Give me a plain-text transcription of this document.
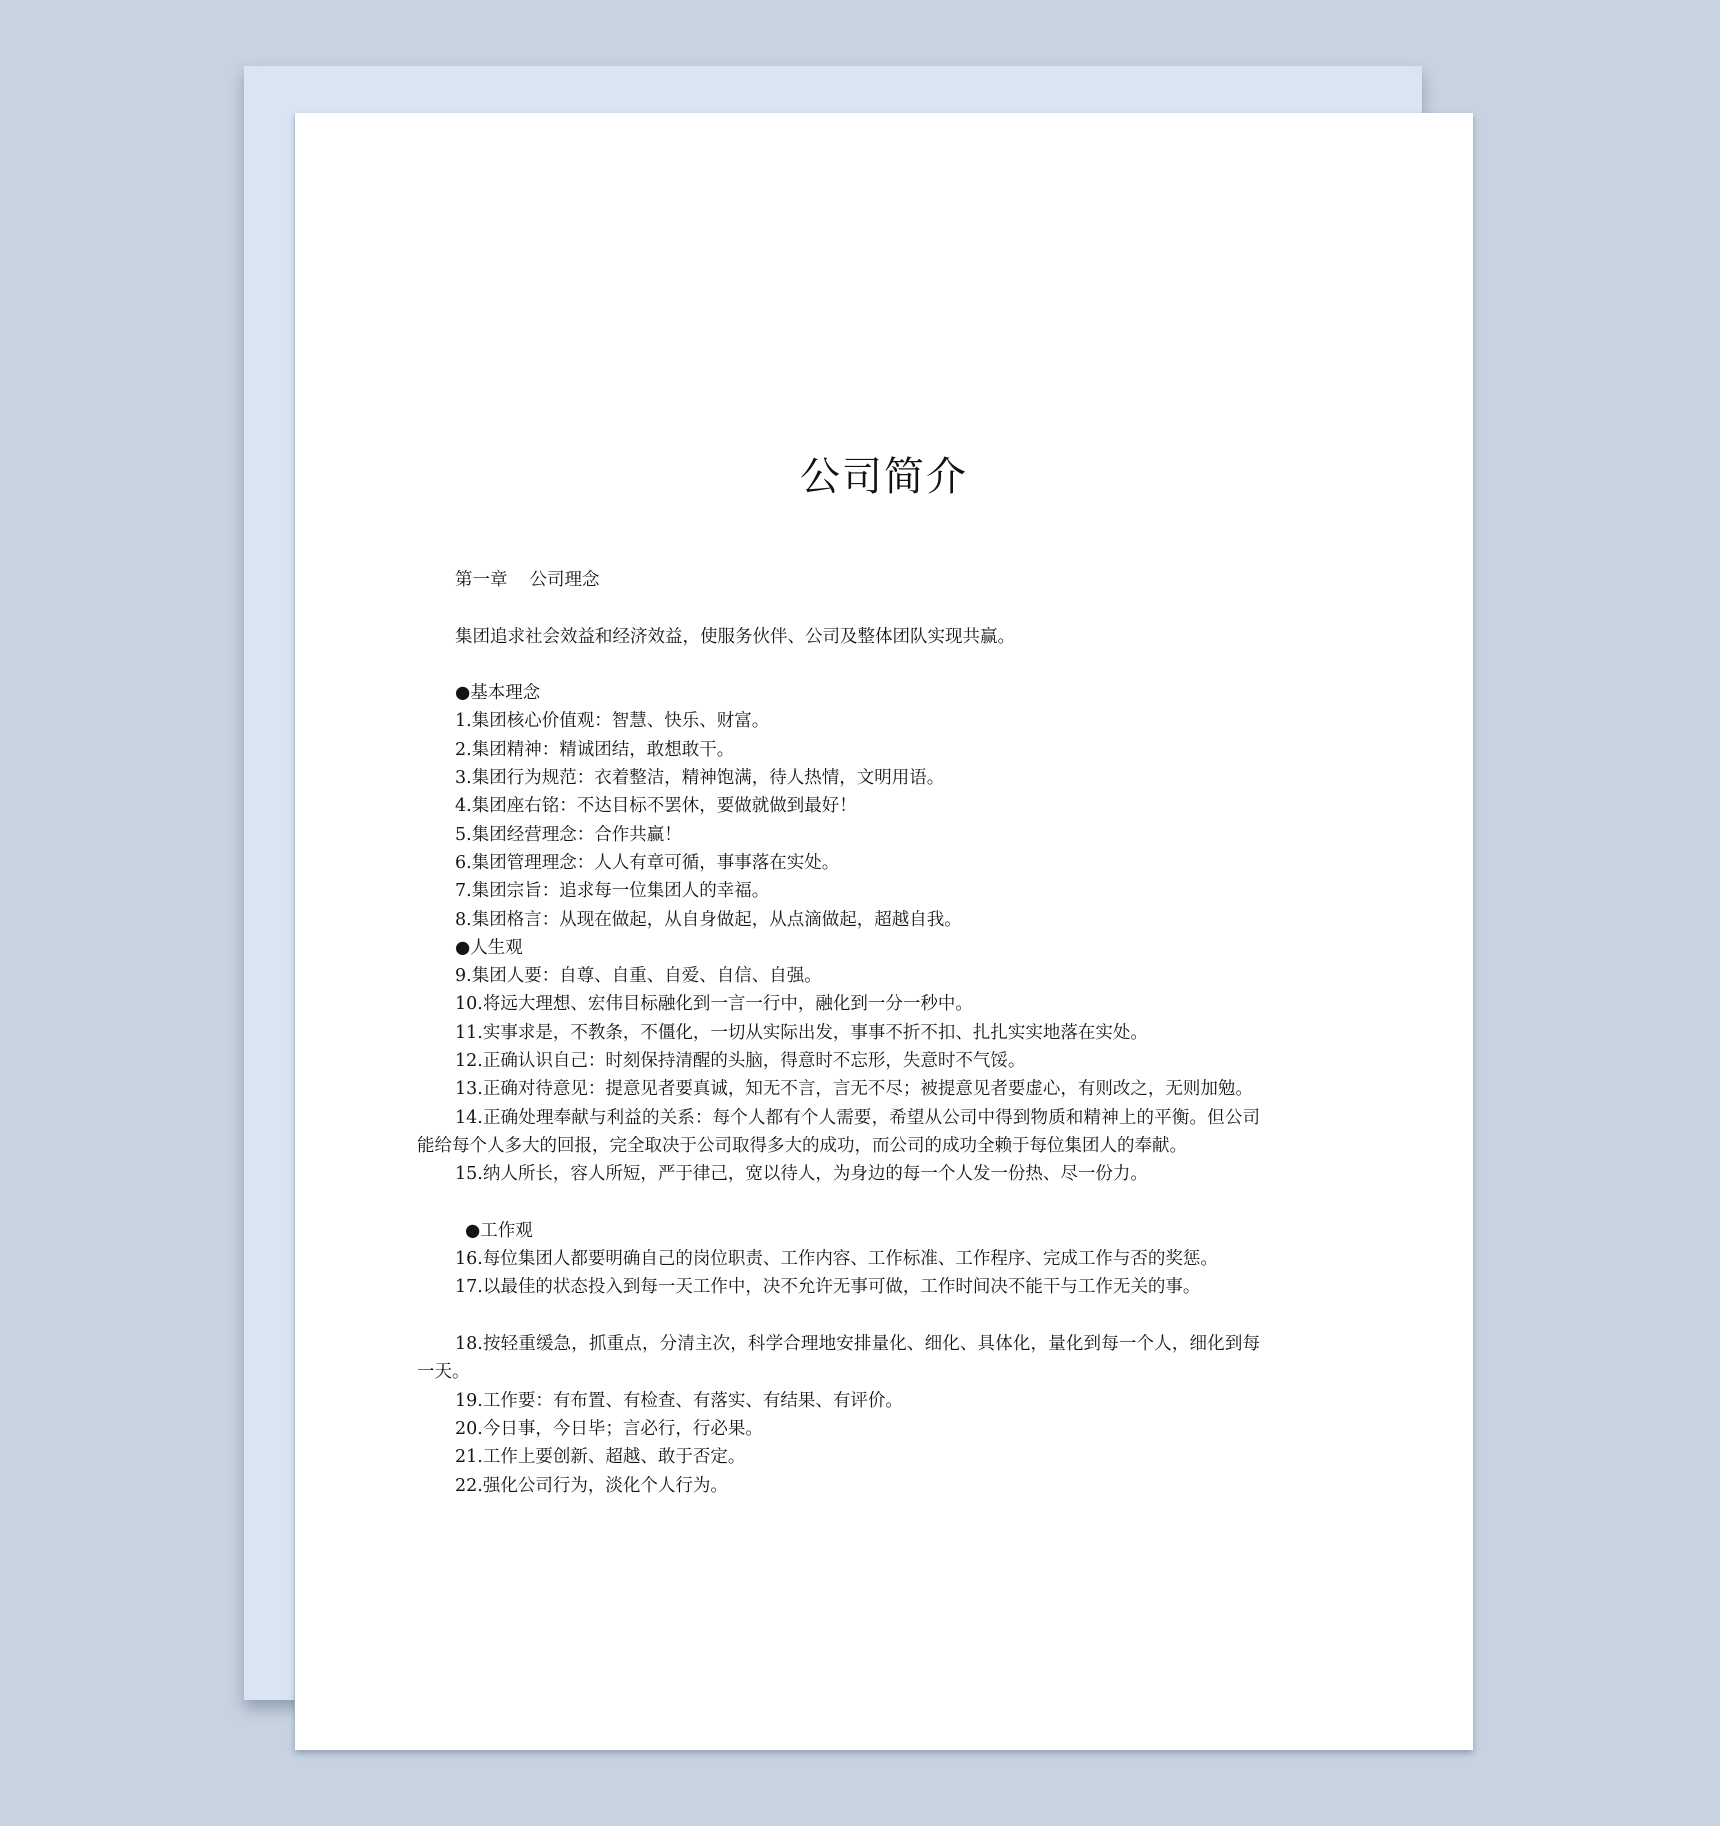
公司简介
第一章 公司理念
集团追求社会效益和经济效益，使服务伙伴、公司及整体团队实现共赢。
●基本理念
1.集团核心价值观：智慧、快乐、财富。
2.集团精神：精诚团结，敢想敢干。
3.集团行为规范：衣着整洁，精神饱满，待人热情，文明用语。
4.集团座右铭：不达目标不罢休，要做就做到最好！
5.集团经营理念：合作共赢！
6.集团管理理念：人人有章可循，事事落在实处。
7.集团宗旨：追求每一位集团人的幸福。
8.集团格言：从现在做起，从自身做起，从点滴做起，超越自我。

●人生观

9.集团人要：自尊、自重、自爱、自信、自强。

10.将远大理想、宏伟目标融化到一言一行中，融化到一分一秒中。

11.实事求是，不教条，不僵化，一切从实际出发，事事不折不扣、扎扎实实地落在实处。

12.正确认识自己：时刻保持清醒的头脑，得意时不忘形，失意时不气馁。

13.正确对待意见：提意见者要真诚，知无不言，言无不尽；被提意见者要虚心，有则改之，无则加勉。

14.正确处理奉献与利益的关系：每个人都有个人需要，希望从公司中得到物质和精神上的平衡。但公司能给每个人多大的回报，完全取决于公司取得多大的成功，而公司的成功全赖于每位集团人的奉献。

15.纳人所长，容人所短，严于律己，宽以待人，为身边的每一个人发一份热、尽一份力。

●工作观

16.每位集团人都要明确自己的岗位职责、工作内容、工作标准、工作程序、完成工作与否的奖惩。

17.以最佳的状态投入到每一天工作中，决不允许无事可做，工作时间决不能干与工作无关的事。

18.按轻重缓急，抓重点，分清主次，科学合理地安排量化、细化、具体化，量化到每一个人，细化到每一天。

19.工作要：有布置、有检查、有落实、有结果、有评价。

20.今日事，今日毕；言必行，行必果。

21.工作上要创新、超越、敢于否定。

22.强化公司行为，淡化个人行为。
